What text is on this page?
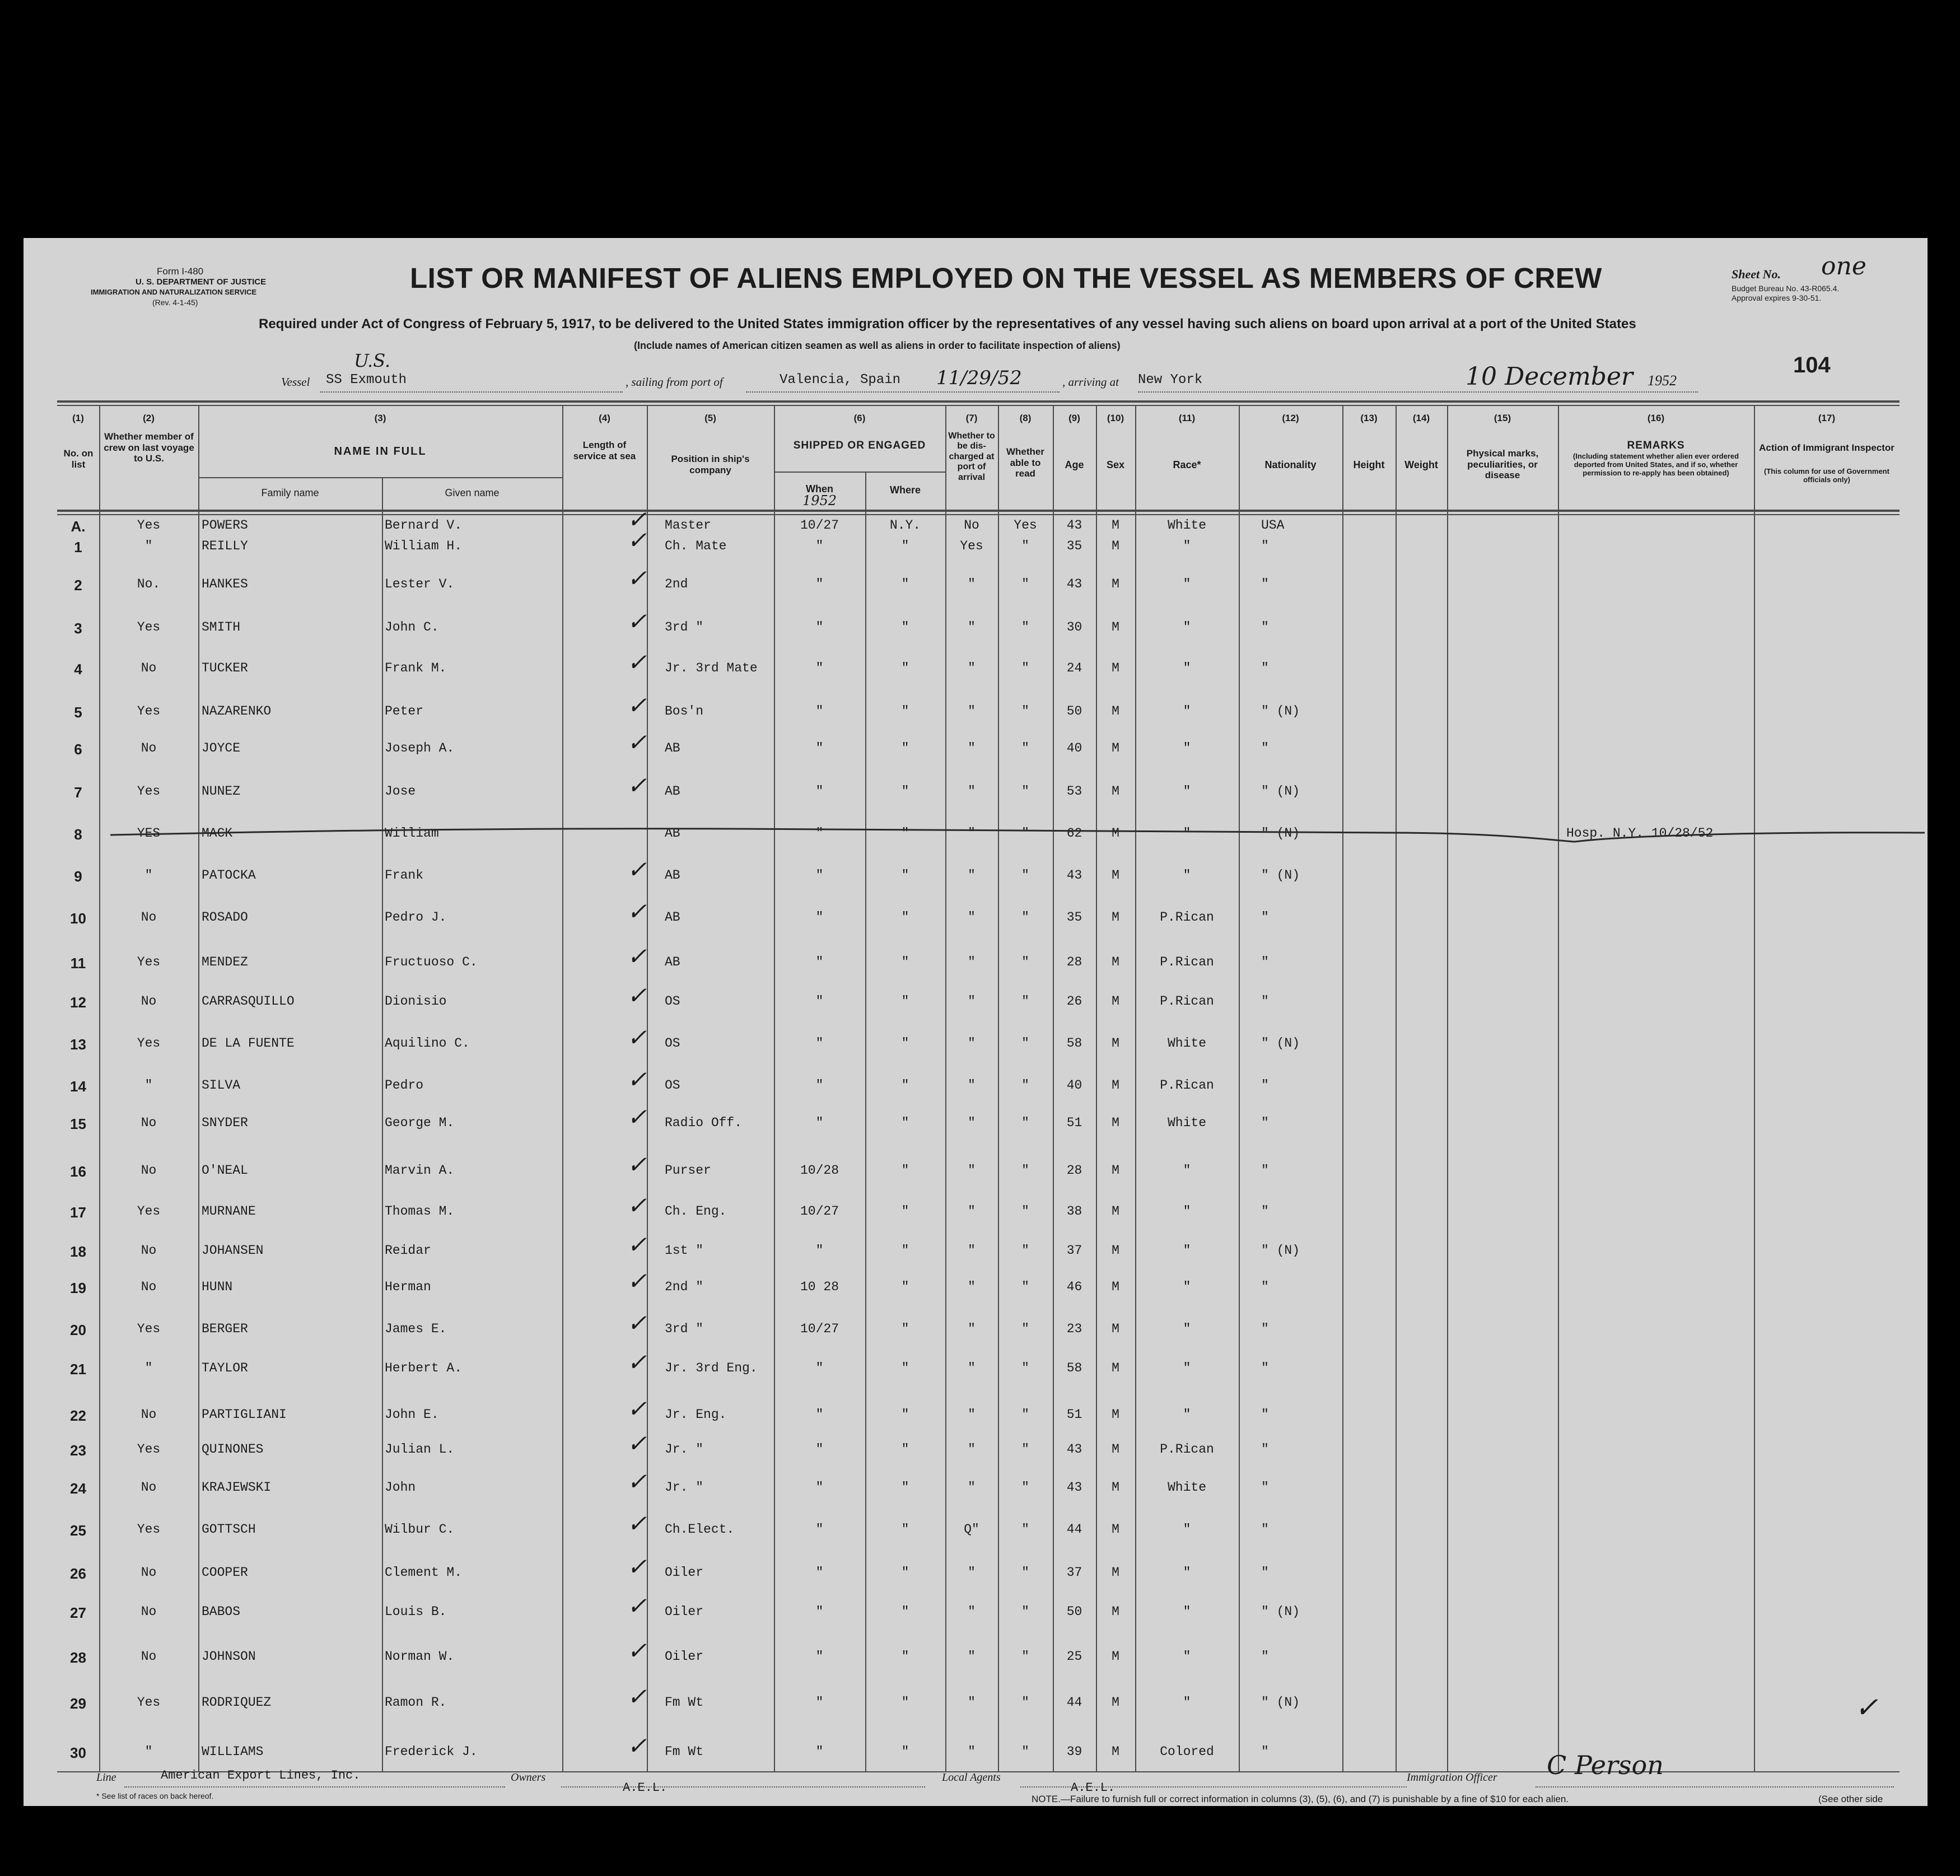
Form I-480
U. S. DEPARTMENT OF JUSTICE
IMMIGRATION AND NATURALIZATION SERVICE
(Rev. 4-1-45)
LIST OR MANIFEST OF ALIENS EMPLOYED ON THE VESSEL AS MEMBERS OF CREW	Sheet No. one
Budget Bureau No. 43-R065.4.
Approval expires 9-30-51.
Required under Act of Congress of February 5, 1917, to be delivered to the United States immigration officer by the representatives of any vessel having such aliens on board upon arrival at a port of the United States
(Include names of American citizen seamen as well as aliens in order to facilitate inspection of aliens)
104
Vessel
U.S.
SS Exmouth	, sailing from port of	Valencia, Spain 11/29/52	, arriving at New York	10 December 1952
(1)	(2)	(3)	(4)	(5)	(6)	(7)	(8)	(9)	(10)	(11)	(12)	(13)	(14)	(15)	(16)	(17)
No. on list
Whether member of crew on last voyage to U.S.
NAME IN FULL
Family name	Given name
Length of service at sea	Position in ship's company
SHIPPED OR ENGAGED
When
1952
Where
Whether to be dis-charged at port of arrival
Whether able to read
Age	Sex	Race*	Nationality	Height	Weight
Physical marks, peculiarities, or disease
REMARKS
(Including statement whether alien ever ordered deported from United States, and if so, whether permission to re-apply has been obtained)
Action of Immigrant Inspector
(This column for use of Government officials only)
A.	Yes	POWERS	Bernard V.	✓ Master	10/27	N.Y.	No	Yes	43	M	White	USA
1	"	REILLY	William H.	✓ Ch. Mate	"	"	Yes	"	35	M	"	"
2	No.	HANKES	Lester V.	✓ 2nd	"	"	"	"	43	M	"	"
3	Yes	SMITH	John C.	✓ 3rd "	"	"	"	"	30	M	"	"
4	No	TUCKER	Frank M.	✓ Jr. 3rd Mate	"	"	"	"	24	M	"	"
5	Yes	NAZARENKO	Peter	✓ Bos'n	"	"	"	"	50	M	"	" (N)
6	No	JOYCE	Joseph A.	✓ AB	"	"	"	"	40	M	"	"
7	Yes	NUNEZ	Jose	✓ AB	"	"	"	"	53	M	"	" (N)
8	YES	MACK	William	AB	"	"	"	"	62	M	"	" (N)	Hosp. N.Y. 10/28/52
9	"	PATOCKA	Frank	✓ AB	"	"	"	"	43	M	"	" (N)
10	No	ROSADO	Pedro J.	✓ AB	"	"	"	"	35	M	P.Rican	"
11	Yes	MENDEZ	Fructuoso C.	✓ AB	"	"	"	"	28	M	P.Rican	"
12	No	CARRASQUILLO	Dionisio	✓ OS	"	"	"	"	26	M	P.Rican	"
13	Yes	DE LA FUENTE	Aquilino C.	✓ OS	"	"	"	"	58	M	White	" (N)
14	"	SILVA	Pedro	✓ OS	"	"	"	"	40	M	P.Rican	"
15	No	SNYDER	George M.	✓ Radio Off.	"	"	"	"	51	M	White	"
16	No	O'NEAL	Marvin A.	✓ Purser	10/28	"	"	"	28	M	"	"
17	Yes	MURNANE	Thomas M.	✓ Ch. Eng.	10/27	"	"	"	38	M	"	"
18	No	JOHANSEN	Reidar	✓ 1st "	"	"	"	"	37	M	"	" (N)
19	No	HUNN	Herman	✓ 2nd "	10 28	"	"	"	46	M	"	"
20	Yes	BERGER	James E.	✓ 3rd "	10/27	"	"	"	23	M	"	"
21	"	TAYLOR	Herbert A.	✓ Jr. 3rd Eng.	"	"	"	"	58	M	"	"
22	No	PARTIGLIANI	John E.	✓ Jr. Eng.	"	"	"	"	51	M	"	"
23	Yes	QUINONES	Julian L.	✓ Jr. "	"	"	"	"	43	M	P.Rican	"
24	No	KRAJEWSKI	John	✓ Jr. "	"	"	"	"	43	M	White	"
25	Yes	GOTTSCH	Wilbur C.	✓ Ch.Elect.	"	"	Q"	"	44	M	"	"
26	No	COOPER	Clement M.	✓ Oiler	"	"	"	"	37	M	"	"
27	No	BABOS	Louis B.	✓ Oiler	"	"	"	"	50	M	"	" (N)
28	No	JOHNSON	Norman W.	✓ Oiler	"	"	"	"	25	M	"	"
29	Yes	RODRIQUEZ	Ramon R.	✓ Fm Wt	"	"	"	"	44	M	"	" (N)
30	"	WILLIAMS	Frederick J.	✓ Fm Wt	"	"	"	"	39	M	Colored	"
✓
Line	American Export Lines, Inc.	Owners
A.E.L.
Local Agents
A.E.L.
Immigration Officer C Person
* See list of races on back hereof.	NOTE.—Failure to furnish full or correct information in columns (3), (5), (6), and (7) is punishable by a fine of $10 for each alien.	(See other side
